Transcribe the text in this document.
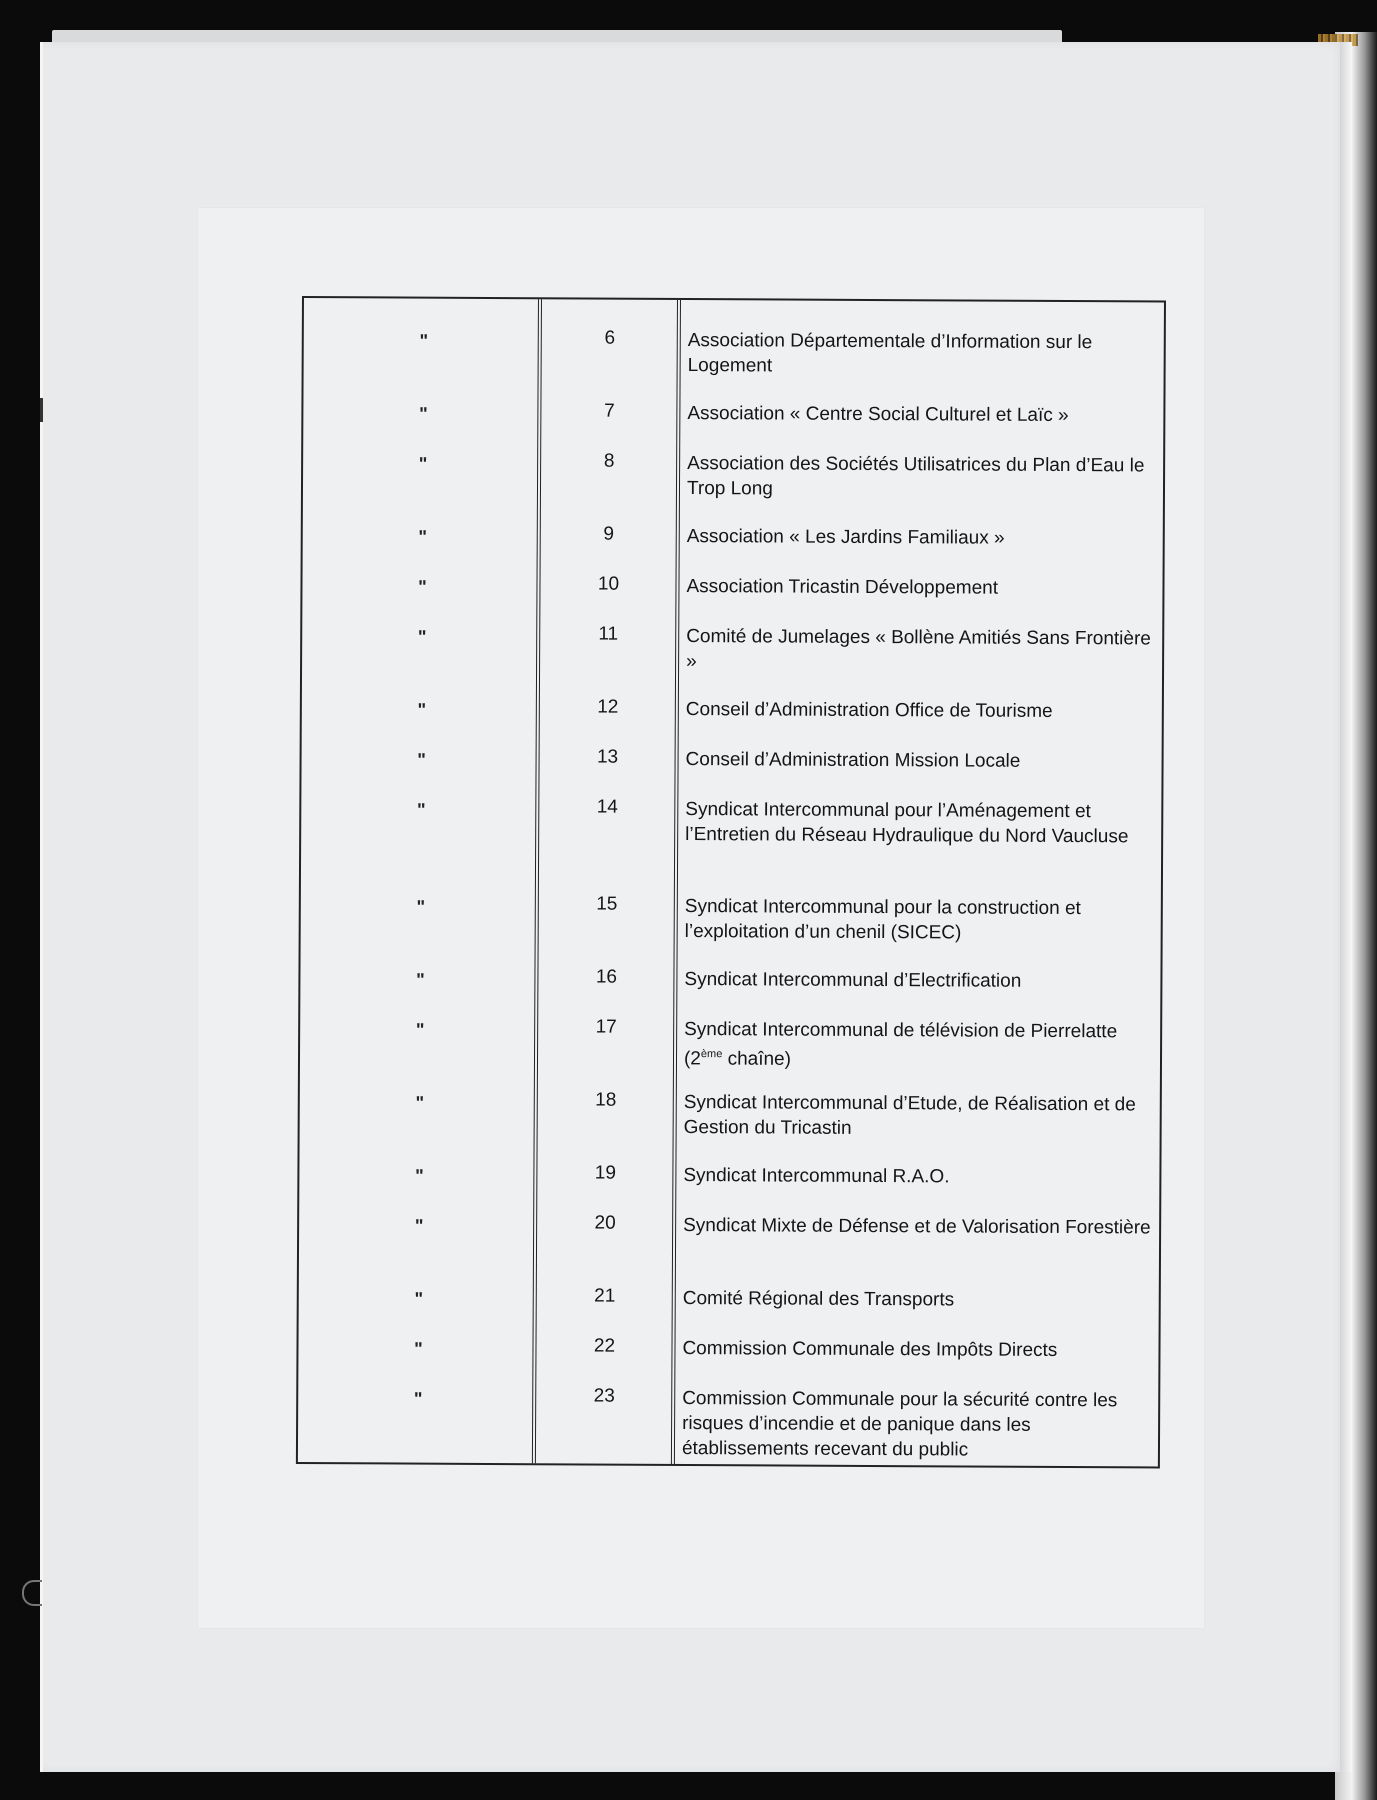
"	6	Association Départementale d’Information sur le Logement
"	7	Association « Centre Social Culturel et Laïc »
"	8	Association des Sociétés Utilisatrices du Plan d’Eau le Trop Long
"	9	Association « Les Jardins Familiaux »
"	10	Association Tricastin Développement
"	11	Comité de Jumelages « Bollène Amitiés Sans Frontière »
"	12	Conseil d’Administration Office de Tourisme
"	13	Conseil d’Administration Mission Locale
"	14	Syndicat Intercommunal pour l’Aménagement et l’Entretien du Réseau Hydraulique du Nord Vaucluse
"	15	Syndicat Intercommunal pour la construction et l’exploitation d’un chenil (SICEC)
"	16	Syndicat Intercommunal d’Electrification
"	17	Syndicat Intercommunal de télévision de Pierrelatte (2ème chaîne)
"	18	Syndicat Intercommunal d’Etude, de Réalisation et de Gestion du Tricastin
"	19	Syndicat Intercommunal R.A.O.
"	20	Syndicat Mixte de Défense et de Valorisation Forestière
"	21	Comité Régional des Transports
"	22	Commission Communale des Impôts Directs
"	23	Commission Communale pour la sécurité contre les risques d’incendie et de panique dans les établissements recevant du public
